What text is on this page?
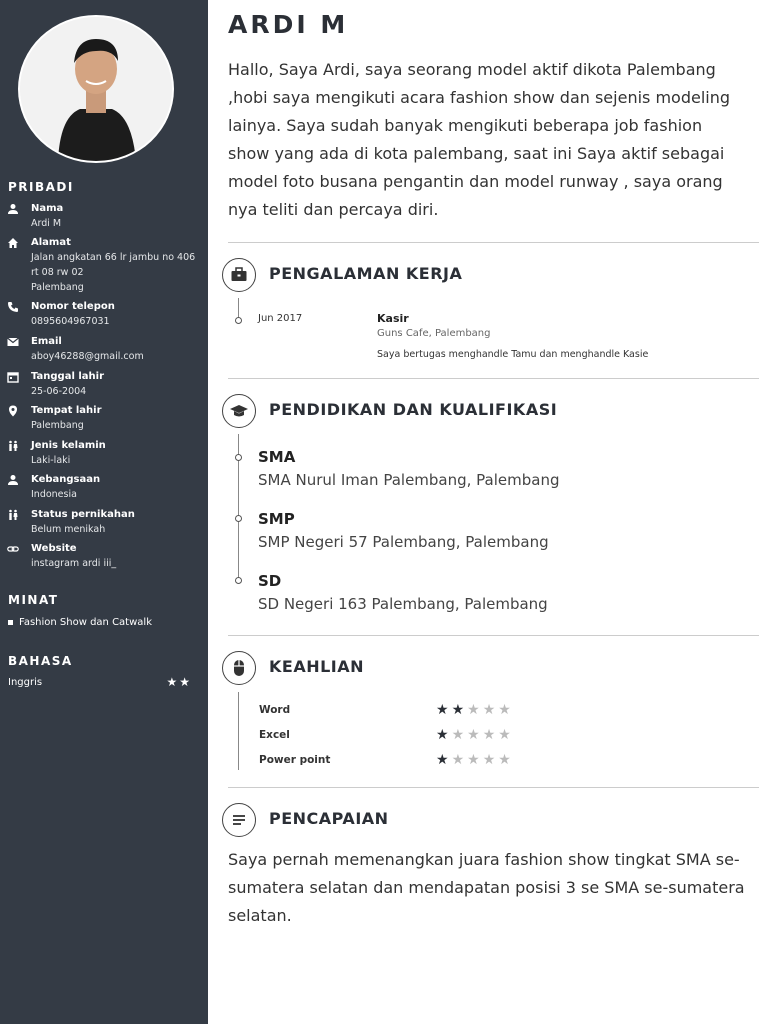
PRIBADI
Nama
Ardi M
Alamat
Jalan angkatan 66 lr jambu no 406
rt 08 rw 02
Palembang
Nomor telepon
0895604967031
Email
aboy46288@gmail.com
Tanggal lahir
25-06-2004
Tempat lahir
Palembang
Jenis kelamin
Laki-laki
Kebangsaan
Indonesia
Status pernikahan
Belum menikah
Website
instagram ardi iii_
MINAT
Fashion Show dan Catwalk
BAHASA
Inggris	★★
ARDI M
Hallo, Saya Ardi, saya seorang model aktif dikota Palembang ,hobi saya mengikuti acara fashion show dan sejenis modeling lainya. Saya sudah banyak mengikuti beberapa job fashion show yang ada di kota palembang, saat ini Saya aktif sebagai model foto busana pengantin dan model runway , saya orang nya teliti dan percaya diri.
PENGALAMAN KERJA
Jun 2017	Kasir
Guns Cafe, Palembang
Saya bertugas menghandle Tamu dan menghandle Kasie
PENDIDIKAN DAN KUALIFIKASI
SMA
SMA Nurul Iman Palembang, Palembang
SMP
SMP Negeri 57 Palembang, Palembang
SD
SD Negeri 163 Palembang, Palembang
KEAHLIAN
Word	★★★★★
Excel	★★★★★
Power point	★★★★★
PENCAPAIAN
Saya pernah memenangkan juara fashion show tingkat SMA se-sumatera selatan dan mendapatan posisi 3 se SMA se-sumatera selatan.
